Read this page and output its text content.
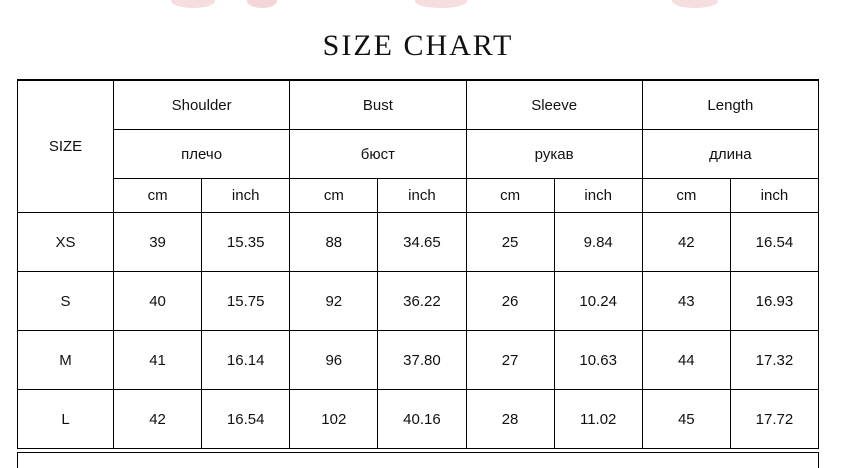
SIZE CHART
SIZE	Shoulder		Bust		Sleeve		Length	
	плечо		бюст		рукав		длина	
	cm	inch	cm	inch	cm	inch	cm	inch
XS	39	15.35	88	34.65	25	9.84	42	16.54
S	40	15.75	92	36.22	26	10.24	43	16.93
M	41	16.14	96	37.80	27	10.63	44	17.32
L	42	16.54	102	40.16	28	11.02	45	17.72
